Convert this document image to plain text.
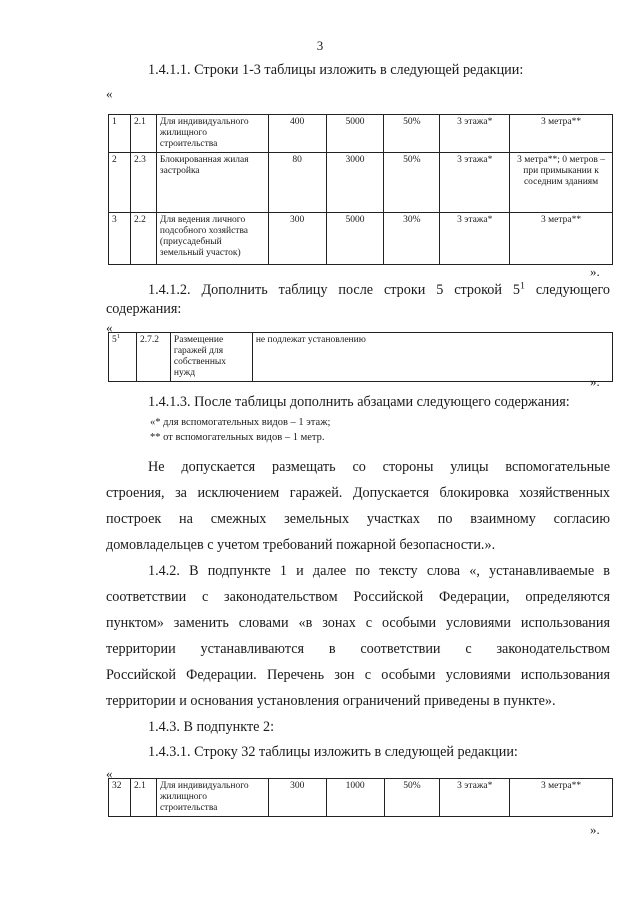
3
1.4.1.1. Строки 1-3 таблицы изложить в следующей редакции:
«
1	2.1	Для индивидуального жилищного строительства	400	5000	50%	3 этажа*	3 метра**
2	2.3	Блокированная жилая застройка	80	3000	50%	3 этажа*	3 метра**; 0 метров – при примыкании к соседним зданиям
3	2.2	Для ведения личного подсобного хозяйства (приусадебный земельный участок)	300	5000	30%	3 этажа*	3 метра**
».
1.4.1.2. Дополнить таблицу после строки 5 строкой $5^1$ следующего
содержания:
«
$5^1$	2.7.2	Размещение гаражей для собственных нужд	не подлежат установлению
».
1.4.1.3. После таблицы дополнить абзацами следующего содержания:
«* для вспомогательных видов – 1 этаж;
** от вспомогательных видов – 1 метр.
Не допускается размещать со стороны улицы вспомогательные
строения, за исключением гаражей. Допускается блокировка хозяйственных
построек на смежных земельных участках по взаимному согласию
домовладельцев с учетом требований пожарной безопасности.».
1.4.2. В подпункте 1 и далее по тексту слова «, устанавливаемые в
соответствии с законодательством Российской Федерации, определяются
пунктом» заменить словами «в зонах с особыми условиями использования
территории устанавливаются в соответствии с законодательством
Российской Федерации. Перечень зон с особыми условиями использования
территории и основания установления ограничений приведены в пункте».
1.4.3. В подпункте 2:
1.4.3.1. Строку 32 таблицы изложить в следующей редакции:
«
32	2.1	Для индивидуального жилищного строительства	300	1000	50%	3 этажа*	3 метра**
».
